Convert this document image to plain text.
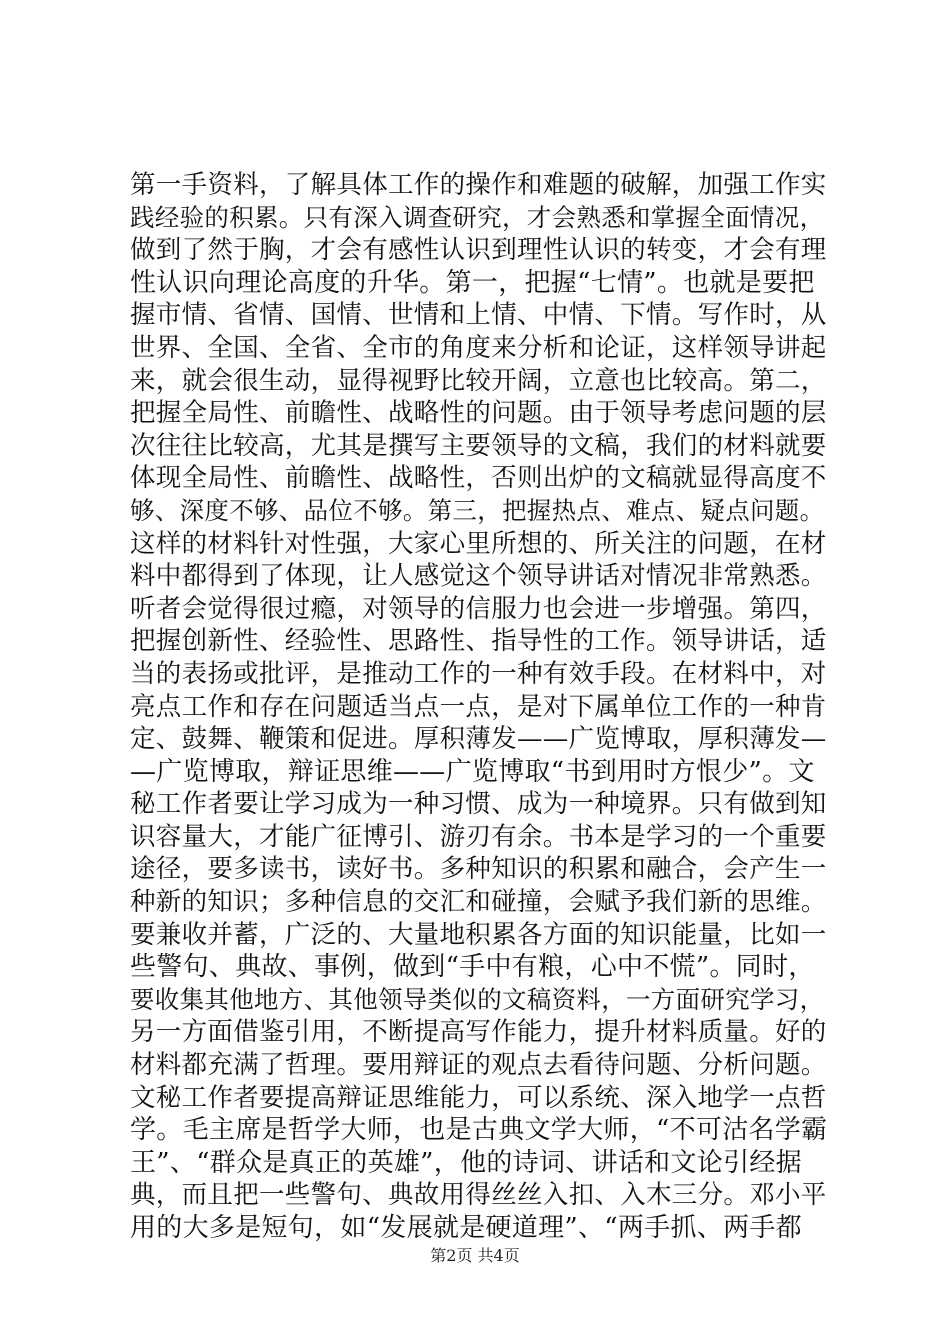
第一手资料，了解具体工作的操作和难题的破解，加强工作实
践经验的积累。只有深入调查研究，才会熟悉和掌握全面情况，
做到了然于胸，才会有感性认识到理性认识的转变，才会有理
性认识向理论高度的升华。第一，把握“七情”。也就是要把
握市情、省情、国情、世情和上情、中情、下情。写作时，从
世界、全国、全省、全市的角度来分析和论证，这样领导讲起
来，就会很生动，显得视野比较开阔，立意也比较高。第二，
把握全局性、前瞻性、战略性的问题。由于领导考虑问题的层
次往往比较高，尤其是撰写主要领导的文稿，我们的材料就要
体现全局性、前瞻性、战略性，否则出炉的文稿就显得高度不
够、深度不够、品位不够。第三，把握热点、难点、疑点问题。
这样的材料针对性强，大家心里所想的、所关注的问题，在材
料中都得到了体现，让人感觉这个领导讲话对情况非常熟悉。
听者会觉得很过瘾，对领导的信服力也会进一步增强。第四，
把握创新性、经验性、思路性、指导性的工作。领导讲话，适
当的表扬或批评，是推动工作的一种有效手段。在材料中，对
亮点工作和存在问题适当点一点，是对下属单位工作的一种肯
定、鼓舞、鞭策和促进。厚积薄发——广览博取，厚积薄发—
—广览博取，辩证思维——广览博取“书到用时方恨少”。文
秘工作者要让学习成为一种习惯、成为一种境界。只有做到知
识容量大，才能广征博引、游刃有余。书本是学习的一个重要
途径，要多读书，读好书。多种知识的积累和融合，会产生一
种新的知识；多种信息的交汇和碰撞，会赋予我们新的思维。
要兼收并蓄，广泛的、大量地积累各方面的知识能量，比如一
些警句、典故、事例，做到“手中有粮，心中不慌”。同时，
要收集其他地方、其他领导类似的文稿资料，一方面研究学习，
另一方面借鉴引用，不断提高写作能力，提升材料质量。好的
材料都充满了哲理。要用辩证的观点去看待问题、分析问题。
文秘工作者要提高辩证思维能力，可以系统、深入地学一点哲
学。毛主席是哲学大师，也是古典文学大师，“不可沽名学霸
王”、“群众是真正的英雄”，他的诗词、讲话和文论引经据
典，而且把一些警句、典故用得丝丝入扣、入木三分。邓小平
用的大多是短句，如“发展就是硬道理”、“两手抓、两手都
第2页 共4页
